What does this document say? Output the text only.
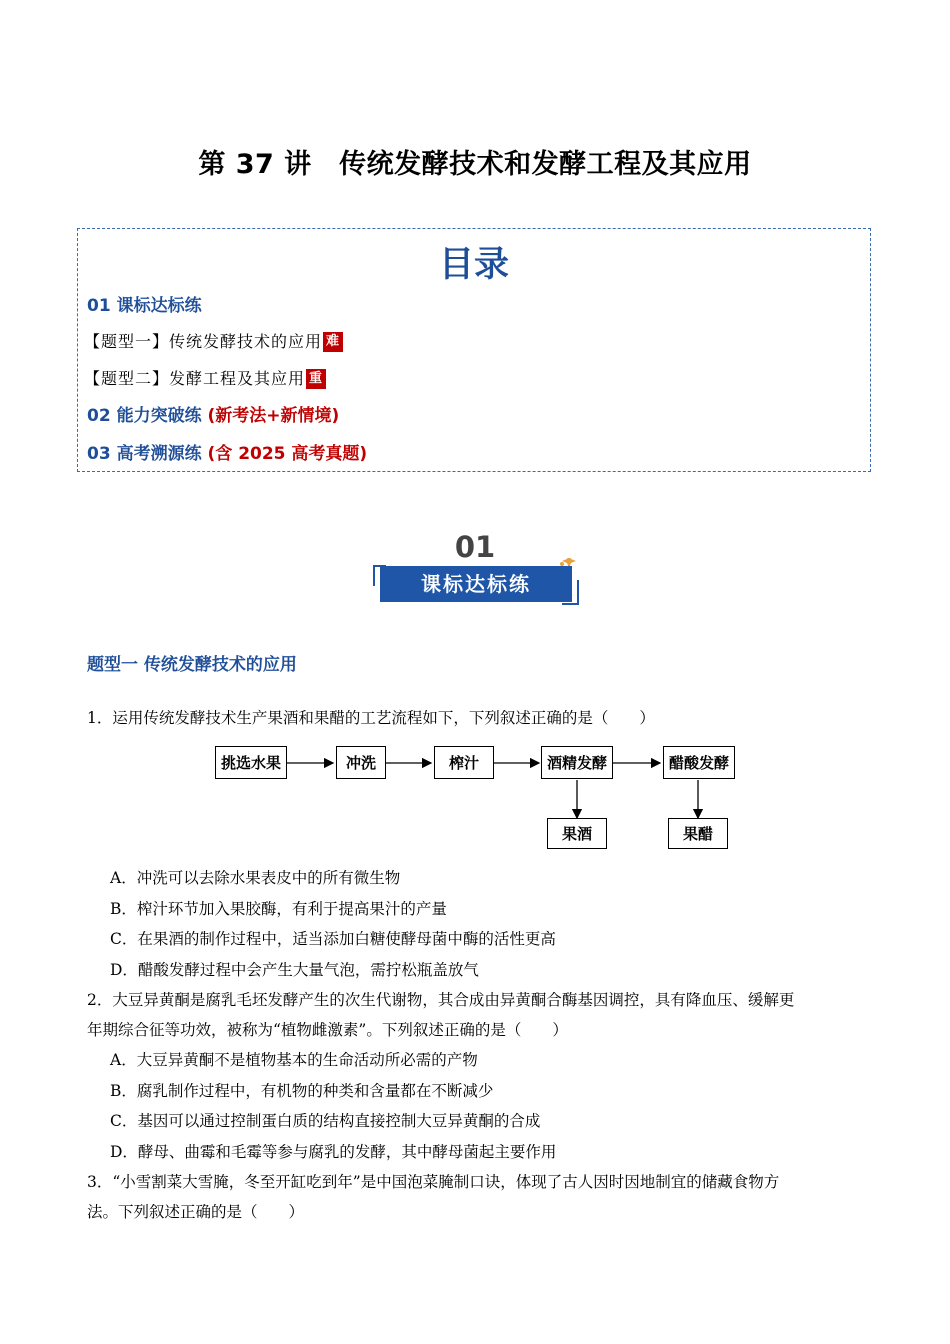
第 37 讲　传统发酵技术和发酵工程及其应用
目录
01 课标达标练
【题型一】传统发酵技术的应用 难
【题型二】发酵工程及其应用 重
02 能力突破练 (新考法+新情境)
03 高考溯源练 (含 2025 高考真题)
01
课标达标练
题型一 传统发酵技术的应用
1．运用传统发酵技术生产果酒和果醋的工艺流程如下，下列叙述正确的是（　　）
挑选水果	冲洗	榨汁	酒精发酵	醋酸发酵
果酒	果醋
A．冲洗可以去除水果表皮中的所有微生物
B．榨汁环节加入果胶酶，有利于提高果汁的产量
C．在果酒的制作过程中，适当添加白糖使酵母菌中酶的活性更高
D．醋酸发酵过程中会产生大量气泡，需拧松瓶盖放气
2．大豆异黄酮是腐乳毛坯发酵产生的次生代谢物，其合成由异黄酮合酶基因调控，具有降血压、缓解更
年期综合征等功效，被称为“植物雌激素”。下列叙述正确的是（　　）
A．大豆异黄酮不是植物基本的生命活动所必需的产物
B．腐乳制作过程中，有机物的种类和含量都在不断减少
C．基因可以通过控制蛋白质的结构直接控制大豆异黄酮的合成
D．酵母、曲霉和毛霉等参与腐乳的发酵，其中酵母菌起主要作用
3．“小雪割菜大雪腌，冬至开缸吃到年”是中国泡菜腌制口诀，体现了古人因时因地制宜的储藏食物方
法。下列叙述正确的是（　　）
